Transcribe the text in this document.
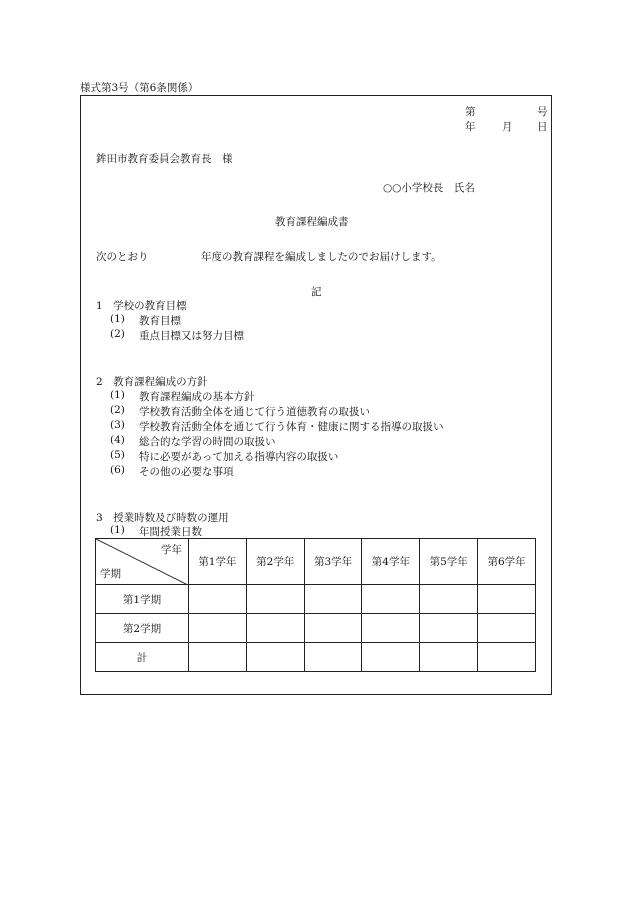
様式第3号（第6条関係）
第	号
年	月 日
鉾田市教育委員会教育長　様
○○小学校長　氏名
教育課程編成書
次のとおり	年度の教育課程を編成しましたのでお届けします。
記
1　学校の教育目標
(1) 教育目標
(2) 重点目標又は努力目標
2　教育課程編成の方針
(1) 教育課程編成の基本方針
(2) 学校教育活動全体を通じて行う道徳教育の取扱い
(3) 学校教育活動全体を通じて行う体育・健康に関する指導の取扱い
(4) 総合的な学習の時間の取扱い
(5) 特に必要があって加える指導内容の取扱い
(6) その他の必要な事項
3　授業時数及び時数の運用
(1) 年間授業日数
学年
学期	第1学年	第2学年	第3学年	第4学年	第5学年	第6学年
第1学期						
第2学期						
計						
